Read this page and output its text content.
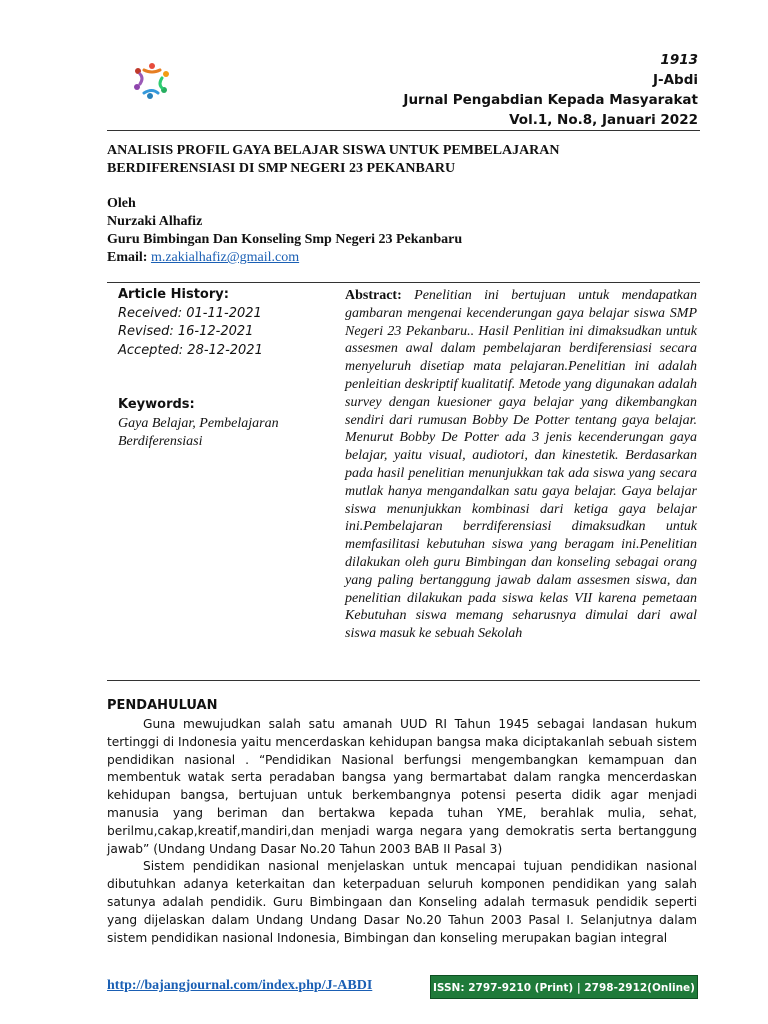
1913
J-Abdi
Jurnal Pengabdian Kepada Masyarakat
Vol.1, No.8, Januari 2022
ANALISIS PROFIL GAYA BELAJAR SISWA UNTUK PEMBELAJARAN BERDIFERENSIASI DI SMP NEGERI 23 PEKANBARU
Oleh
Nurzaki Alhafiz
Guru Bimbingan Dan Konseling Smp Negeri 23 Pekanbaru
Email: m.zakialhafiz@gmail.com
Article History:
Received: 01-11-2021
Revised: 16-12-2021
Accepted: 28-12-2021
Keywords:
Gaya Belajar, Pembelajaran Berdiferensiasi
Abstract: Penelitian ini bertujuan untuk mendapatkan gambaran mengenai kecenderungan gaya belajar siswa SMP Negeri 23 Pekanbaru.. Hasil Penlitian ini dimaksudkan untuk assesmen awal dalam pembelajaran berdiferensiasi secara menyeluruh disetiap mata pelajaran.Penelitian ini adalah penleitian deskriptif kualitatif. Metode yang digunakan adalah survey dengan kuesioner gaya belajar yang dikembangkan sendiri dari rumusan Bobby De Potter tentang gaya belajar. Menurut Bobby De Potter ada 3 jenis kecenderungan gaya belajar, yaitu visual, audiotori, dan kinestetik. Berdasarkan pada hasil penelitian menunjukkan tak ada siswa yang secara mutlak hanya mengandalkan satu gaya belajar. Gaya belajar siswa menunjukkan kombinasi dari ketiga gaya belajar ini.Pembelajaran berrdiferensiasi dimaksudkan untuk memfasilitasi kebutuhan siswa yang beragam ini.Penelitian dilakukan oleh guru Bimbingan dan konseling sebagai orang yang paling bertanggung jawab dalam assesmen siswa, dan penelitian dilakukan pada siswa kelas VII karena pemetaan Kebutuhan siswa memang seharusnya dimulai dari awal siswa masuk ke sebuah Sekolah
PENDAHULUAN

Guna mewujudkan salah satu amanah UUD RI Tahun 1945 sebagai landasan hukum tertinggi di Indonesia yaitu mencerdaskan kehidupan bangsa maka diciptakanlah sebuah sistem pendidikan nasional . “Pendidikan Nasional berfungsi mengembangkan kemampuan dan membentuk watak serta peradaban bangsa yang bermartabat dalam rangka mencerdaskan kehidupan bangsa, bertujuan untuk berkembangnya potensi peserta didik agar menjadi manusia yang beriman dan bertakwa kepada tuhan YME, berahlak mulia, sehat, berilmu,cakap,kreatif,mandiri,dan menjadi warga negara yang demokratis serta bertanggung jawab” (Undang Undang Dasar No.20 Tahun 2003 BAB II Pasal 3)

Sistem pendidikan nasional menjelaskan untuk mencapai tujuan pendidikan nasional dibutuhkan adanya keterkaitan dan keterpaduan seluruh komponen pendidikan yang salah satunya adalah pendidik. Guru Bimbingaan dan Konseling adalah termasuk pendidik seperti yang dijelaskan dalam Undang Undang Dasar No.20 Tahun 2003 Pasal I. Selanjutnya dalam sistem pendidikan nasional Indonesia, Bimbingan dan konseling merupakan bagian integral

http://bajangjournal.com/index.php/J-ABDI	ISSN: 2797-9210 (Print) | 2798-2912(Online)
